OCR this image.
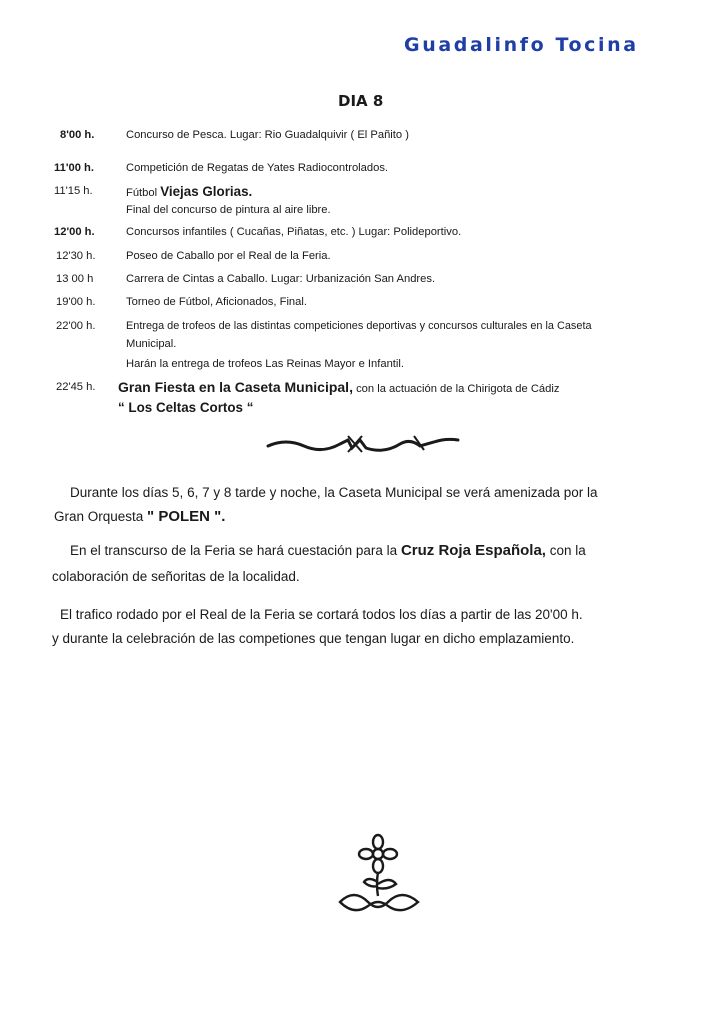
Guadalinfo Tocina
DIA 8
8'00 h.	Concurso de Pesca. Lugar: Rio Guadalquivir ( El Pañito )
11'00 h.	Competición de Regatas de Yates Radiocontrolados.
11'15 h.	Fútbol Viejas Glorias.
Final del concurso de pintura al aire libre.
12'00 h.	Concursos infantiles ( Cucañas, Piñatas, etc. ) Lugar: Polideportivo.
12'30 h.	Poseo de Caballo por el Real de la Feria.
13 00 h	Carrera de Cintas a Caballo. Lugar: Urbanización San Andres.
19'00 h.	Torneo de Fútbol, Aficionados, Final.
22'00 h.	Entrega de trofeos de las distintas competiciones deportivas y concursos culturales en la Caseta
Municipal.
Harán la entrega de trofeos Las Reinas Mayor e Infantil.
22'45 h.	Gran Fiesta en la Caseta Municipal, con la actuación de la Chirigota de Cádiz
“ Los Celtas Cortos “
Durante los días 5, 6, 7 y 8 tarde y noche, la Caseta Municipal se verá amenizada por la
Gran Orquesta " POLEN ".
En el transcurso de la Feria se hará cuestación para la Cruz Roja Española, con la
colaboración de señoritas de la localidad.
El trafico rodado por el Real de la Feria se cortará todos los días a partir de las 20'00 h.
y durante la celebración de las competiones que tengan lugar en dicho emplazamiento.
